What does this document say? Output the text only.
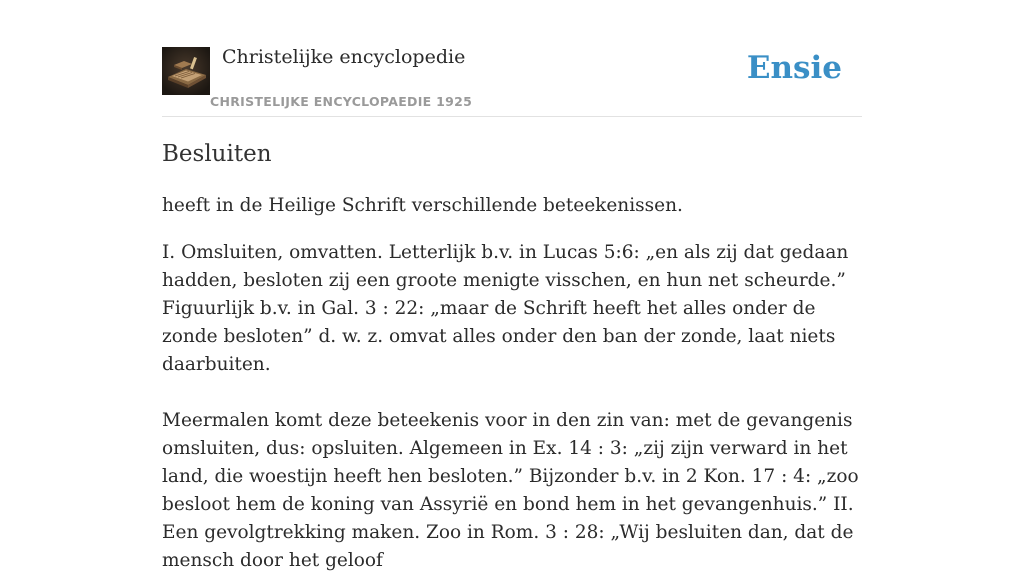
Christelijke encyclopedie
CHRISTELIJKE ENCYCLOPAEDIE 1925
Ensie
Besluiten

heeft in de Heilige Schrift verschillende beteekenissen.

I. Omsluiten, omvatten. Letterlijk b.v. in Lucas 5:6: „en als zij dat gedaan hadden, besloten zij een groote menigte visschen, en hun net scheurde.” Figuurlijk b.v. in Gal. 3 : 22: „maar de Schrift heeft het alles onder de zonde besloten” d. w. z. omvat alles onder den ban der zonde, laat niets daarbuiten.

Meermalen komt deze beteekenis voor in den zin van: met de gevangenis omsluiten, dus: opsluiten. Algemeen in Ex. 14 : 3: „zij zijn verward in het land, die woestijn heeft hen besloten.” Bijzonder b.v. in 2 Kon. 17 : 4: „zoo besloot hem de koning van Assyrië en bond hem in het gevangenhuis.” II. Een gevolgtrekking maken. Zoo in Rom. 3 : 28: „Wij besluiten dan, dat de mensch door het geloof
